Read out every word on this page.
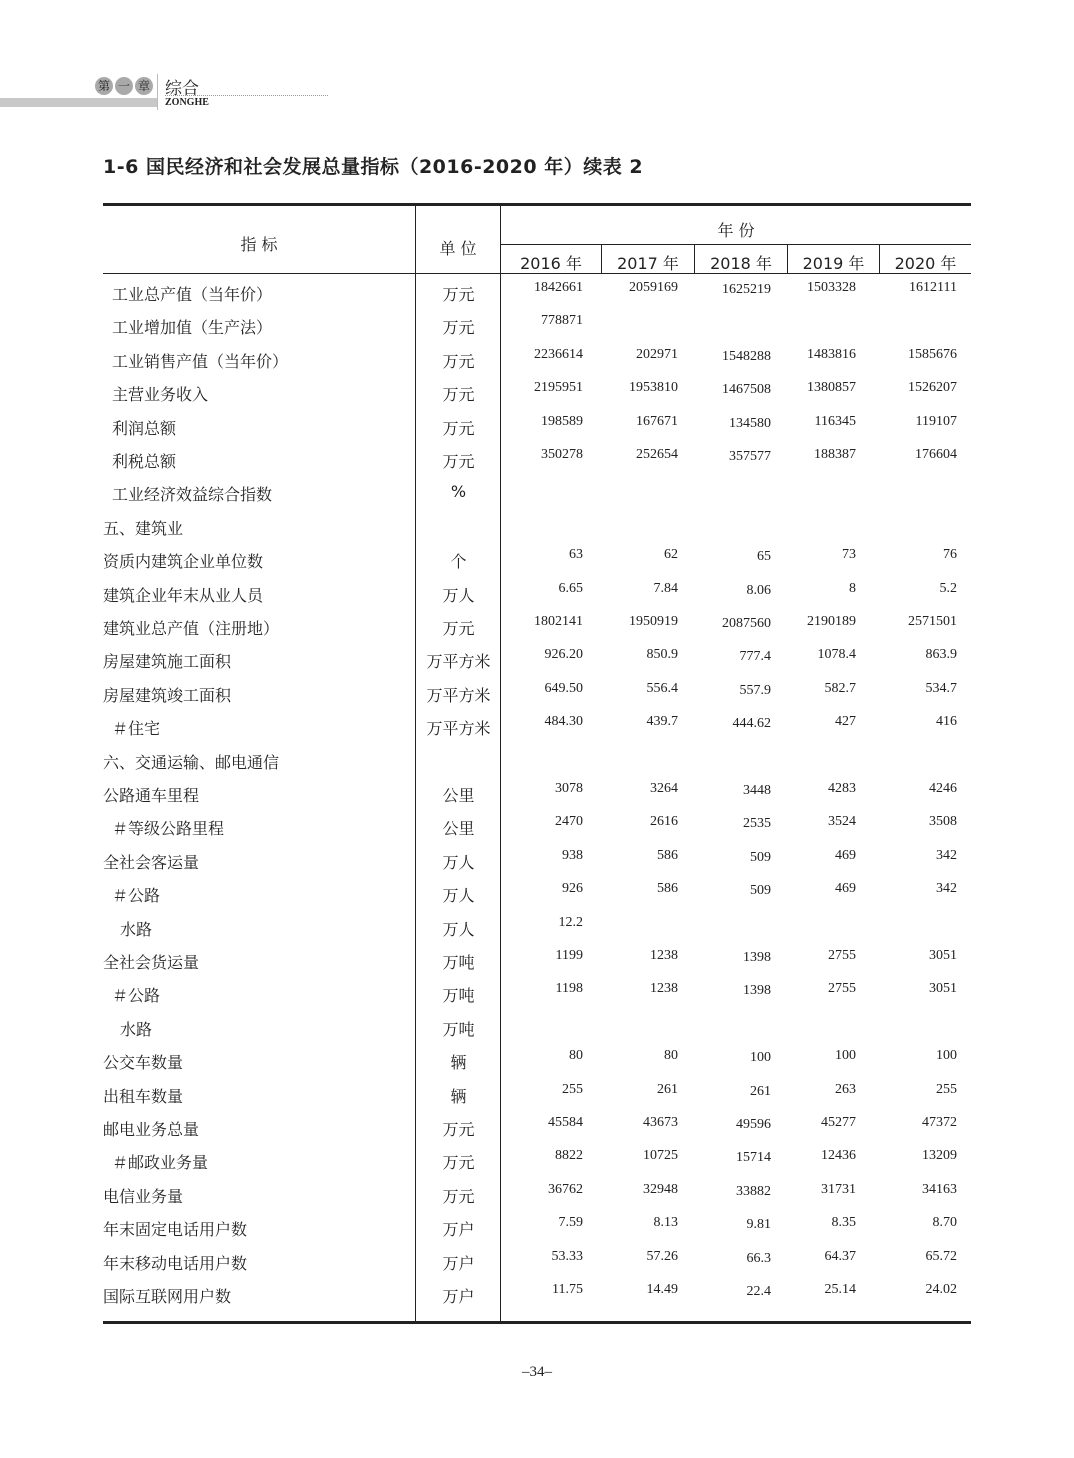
第 一 章 综合
ZONGHE
1-6 国民经济和社会发展总量指标（2016-2020 年）续表 2
指 标	单 位
年 份
2016 年	2017 年	2018 年	2019 年	2020 年
工业总产值（当年价）	万元	1842661	2059169	1625219	1503328	1612111
工业增加值（生产法）	万元	778871
工业销售产值（当年价）	万元	2236614	202971	1548288	1483816	1585676
主营业务收入	万元	2195951	1953810	1467508	1380857	1526207
利润总额	万元	198589	167671	134580	116345	119107
利税总额	万元	350278	252654	357577	188387	176604
工业经济效益综合指数	%
五、建筑业
资质内建筑企业单位数	个	63	62	65	73	76
建筑企业年末从业人员	万人	6.65	7.84	8.06	8	5.2
建筑业总产值（注册地）	万元	1802141	1950919	2087560	2190189	2571501
房屋建筑施工面积	万平方米	926.20	850.9	777.4	1078.4	863.9
房屋建筑竣工面积	万平方米	649.50	556.4	557.9	582.7	534.7
＃住宅	万平方米	484.30	439.7	444.62	427	416
六、交通运输、邮电通信
公路通车里程	公里	3078	3264	3448	4283	4246
＃等级公路里程	公里	2470	2616	2535	3524	3508
全社会客运量	万人	938	586	509	469	342
＃公路	万人	926	586	509	469	342
水路	万人	12.2
全社会货运量	万吨	1199	1238	1398	2755	3051
＃公路	万吨	1198	1238	1398	2755	3051
水路	万吨
公交车数量	辆	80	80	100	100	100
出租车数量	辆	255	261	261	263	255
邮电业务总量	万元	45584	43673	49596	45277	47372
＃邮政业务量	万元	8822	10725	15714	12436	13209
电信业务量	万元	36762	32948	33882	31731	34163
年末固定电话用户数	万户	7.59	8.13	9.81	8.35	8.70
年末移动电话用户数	万户	53.33	57.26	66.3	64.37	65.72
国际互联网用户数	万户	11.75	14.49	22.4	25.14	24.02
–34–
